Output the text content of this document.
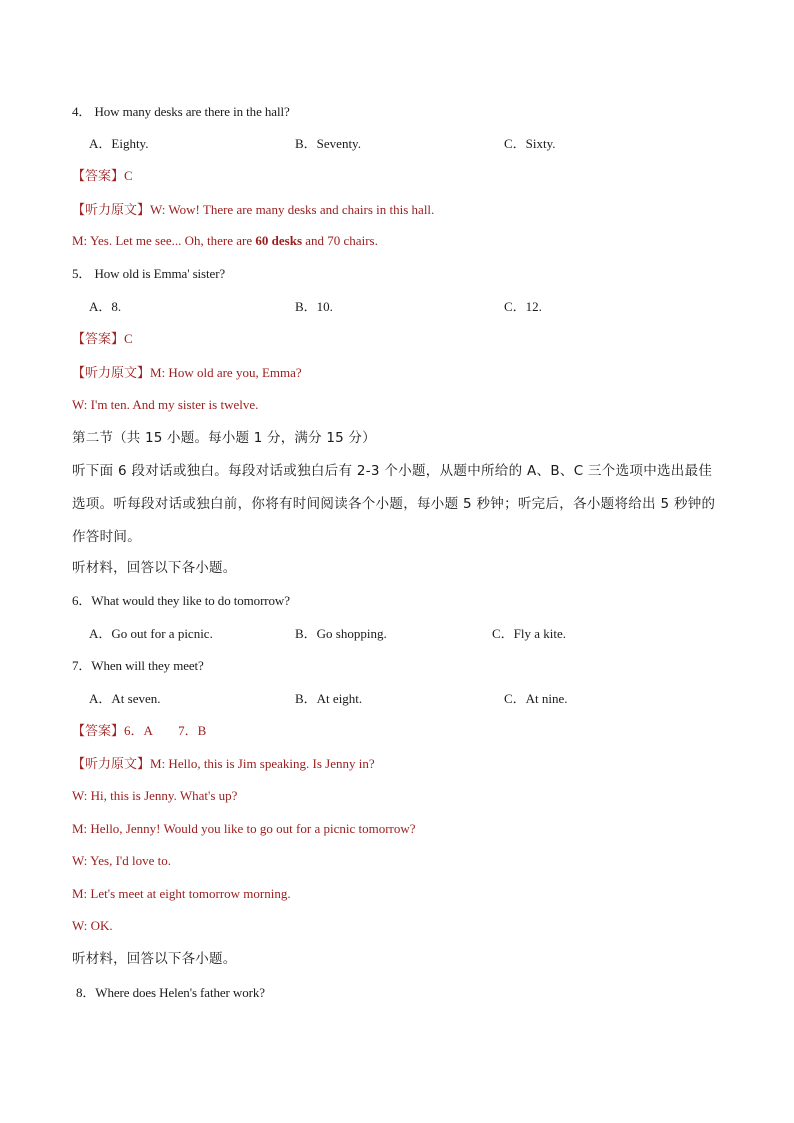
4． How many desks are there in the hall?
A．Eighty.	B．Seventy.	C．Sixty.
【答案】C
【听力原文】W: Wow! There are many desks and chairs in this hall.
M: Yes. Let me see... Oh, there are 60 desks and 70 chairs.
5． How old is Emma' sister?
A．8.	B．10.	C．12.
【答案】C
【听力原文】M: How old are you, Emma?
W: I'm ten. And my sister is twelve.
第二节（共 15 小题。每小题 1 分，满分 15 分）
听下面 6 段对话或独白。每段对话或独白后有 2-3 个小题，从题中所给的 A、B、C 三个选项中选出最佳选项。听每段对话或独白前，你将有时间阅读各个小题，每小题 5 秒钟；听完后，各小题将给出 5 秒钟的作答时间。
听材料，回答以下各小题。
6．What would they like to do tomorrow?
A．Go out for a picnic.	B．Go shopping.	C．Fly a kite.
7．When will they meet?
A．At seven.	B．At eight.	C．At nine.
【答案】6．A　　7．B
【听力原文】M: Hello, this is Jim speaking. Is Jenny in?
W: Hi, this is Jenny. What's up?
M: Hello, Jenny! Would you like to go out for a picnic tomorrow?
W: Yes, I'd love to.
M: Let's meet at eight tomorrow morning.
W: OK.
听材料，回答以下各小题。
8．Where does Helen's father work?
